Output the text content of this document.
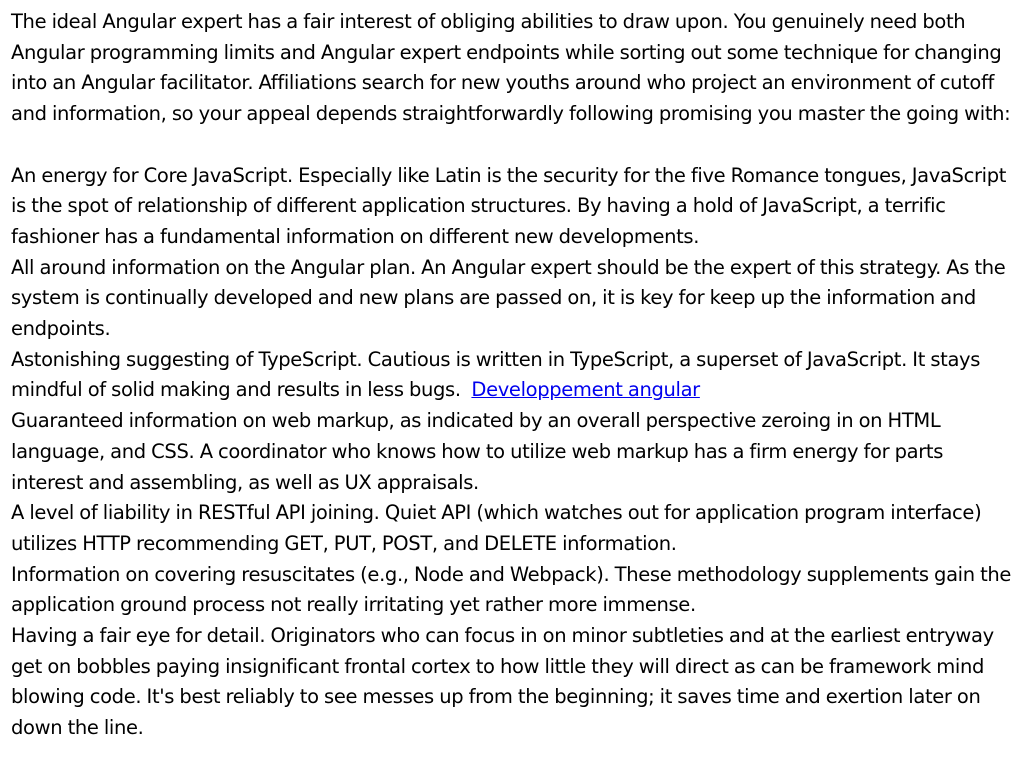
The ideal Angular expert has a fair interest of obliging abilities to draw upon. You genuinely need both Angular programming limits and Angular expert endpoints while sorting out some technique for changing into an Angular facilitator. Affiliations search for new youths around who project an environment of cutoff and information, so your appeal depends straightforwardly following promising you master the going with:

An energy for Core JavaScript. Especially like Latin is the security for the five Romance tongues, JavaScript is the spot of relationship of different application structures. By having a hold of JavaScript, a terrific fashioner has a fundamental information on different new developments.

All around information on the Angular plan. An Angular expert should be the expert of this strategy. As the system is continually developed and new plans are passed on, it is key for keep up the information and endpoints.

Astonishing suggesting of TypeScript. Cautious is written in TypeScript, a superset of JavaScript. It stays mindful of solid making and results in less bugs. Developpement angular

Guaranteed information on web markup, as indicated by an overall perspective zeroing in on HTML language, and CSS. A coordinator who knows how to utilize web markup has a firm energy for parts interest and assembling, as well as UX appraisals.

A level of liability in RESTful API joining. Quiet API (which watches out for application program interface) utilizes HTTP recommending GET, PUT, POST, and DELETE information.

Information on covering resuscitates (e.g., Node and Webpack). These methodology supplements gain the application ground process not really irritating yet rather more immense.

Having a fair eye for detail. Originators who can focus in on minor subtleties and at the earliest entryway get on bobbles paying insignificant frontal cortex to how little they will direct as can be framework mind blowing code. It's best reliably to see messes up from the beginning; it saves time and exertion later on down the line.
